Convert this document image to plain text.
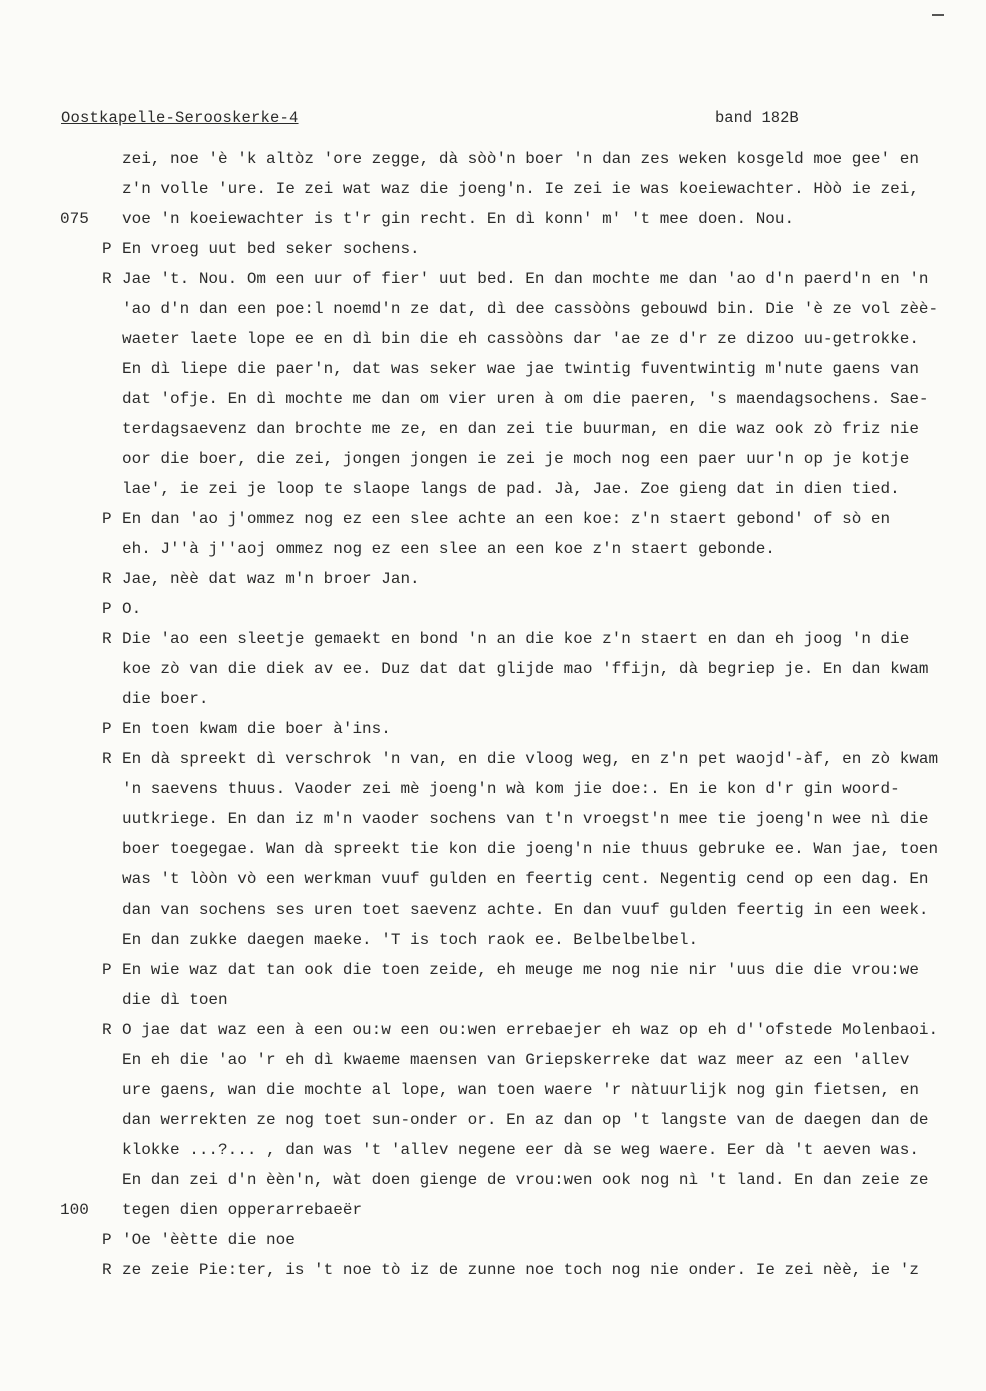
Oostkapelle-Serooskerke-4	band 182B
zei, noe 'è 'k altòz 'ore zegge, dà sòò'n boer 'n dan zes weken kosgeld moe gee' en
z'n volle 'ure. Ie zei wat waz die joeng'n. Ie zei ie was koeiewachter. Hòò ie zei,
075 voe 'n koeiewachter is t'r gin recht. En dì konn' m' 't mee doen. Nou.
P En vroeg uut bed seker sochens.
R Jae 't. Nou. Om een uur of fier' uut bed. En dan mochte me dan 'ao d'n paerd'n en 'n
'ao d'n dan een poe:l noemd'n ze dat, dì dee cassòòns gebouwd bin. Die 'è ze vol zèè-
waeter laete lope ee en dì bin die eh cassòòns dar 'ae ze d'r ze dizoo uu-getrokke.
En dì liepe die paer'n, dat was seker wae jae twintig fuventwintig m'nute gaens van
dat 'ofje. En dì mochte me dan om vier uren à om die paeren, 's maendagsochens. Sae-
terdagsaevenz dan brochte me ze, en dan zei tie buurman, en die waz ook zò friz nie
oor die boer, die zei, jongen jongen ie zei je moch nog een paer uur'n op je kotje
lae', ie zei je loop te slaope langs de pad. Jà, Jae. Zoe gieng dat in dien tied.
P En dan 'ao j'ommez nog ez een slee achte an een koe: z'n staert gebond' of sò en
eh. J''à j''aoj ommez nog ez een slee an een koe z'n staert gebonde.
R Jae, nèè dat waz m'n broer Jan.
P O.
R Die 'ao een sleetje gemaekt en bond 'n an die koe z'n staert en dan eh joog 'n die
koe zò van die diek av ee. Duz dat dat glijde mao 'ffijn, dà begriep je. En dan kwam
die boer.
P En toen kwam die boer à'ins.
R En dà spreekt dì verschrok 'n van, en die vloog weg, en z'n pet waojd'-àf, en zò kwam
'n saevens thuus. Vaoder zei mè joeng'n wà kom jie doe:. En ie kon d'r gin woord-
uutkriege. En dan iz m'n vaoder sochens van t'n vroegst'n mee tie joeng'n wee nì die
boer toegegae. Wan dà spreekt tie kon die joeng'n nie thuus gebruke ee. Wan jae, toen
was 't lòòn vò een werkman vuuf gulden en feertig cent. Negentig cend op een dag. En
dan van sochens ses uren toet saevenz achte. En dan vuuf gulden feertig in een week.
En dan zukke daegen maeke. 'T is toch raok ee. Belbelbelbel.
P En wie waz dat tan ook die toen zeide, eh meuge me nog nie nir 'uus die die vrou:we
die dì toen
R O jae dat waz een à een ou:w een ou:wen errebaejer eh waz op eh d''ofstede Molenbaoi.
En eh die 'ao 'r eh dì kwaeme maensen van Griepskerreke dat waz meer az een 'allev
ure gaens, wan die mochte al lope, wan toen waere 'r nàtuurlijk nog gin fietsen, en
dan werrekten ze nog toet sun-onder or. En az dan op 't langste van de daegen dan de
klokke ...?... , dan was 't 'allev negene eer dà se weg waere. Eer dà 't aeven was.
En dan zei d'n èèn'n, wàt doen gienge de vrou:wen ook nog nì 't land. En dan zeie ze
100 tegen dien opperarrebaeër
P 'Oe 'èètte die noe
R ze zeie Pie:ter, is 't noe tò iz de zunne noe toch nog nie onder. Ie zei nèè, ie 'z
